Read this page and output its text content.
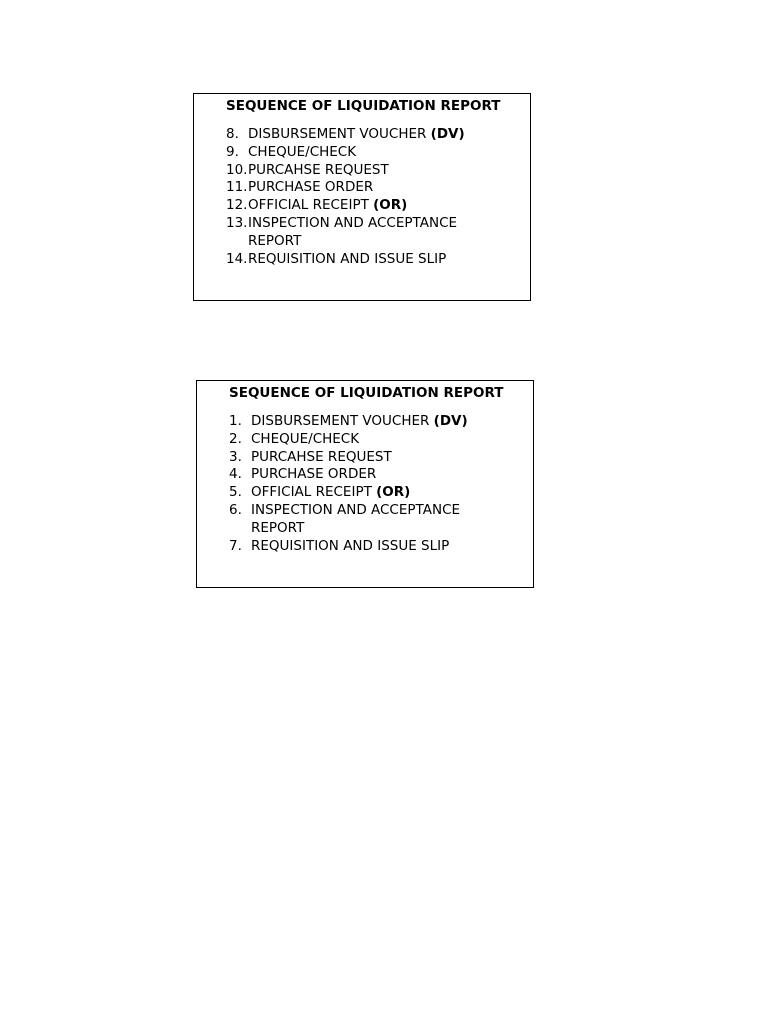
SEQUENCE OF LIQUIDATION REPORT
8. DISBURSEMENT VOUCHER (DV)
9. CHEQUE/CHECK
10. PURCAHSE REQUEST
11. PURCHASE ORDER
12. OFFICIAL RECEIPT (OR)
13. INSPECTION AND ACCEPTANCE REPORT
14. REQUISITION AND ISSUE SLIP
SEQUENCE OF LIQUIDATION REPORT
1. DISBURSEMENT VOUCHER (DV)
2. CHEQUE/CHECK
3. PURCAHSE REQUEST
4. PURCHASE ORDER
5. OFFICIAL RECEIPT (OR)
6. INSPECTION AND ACCEPTANCE REPORT
7. REQUISITION AND ISSUE SLIP
